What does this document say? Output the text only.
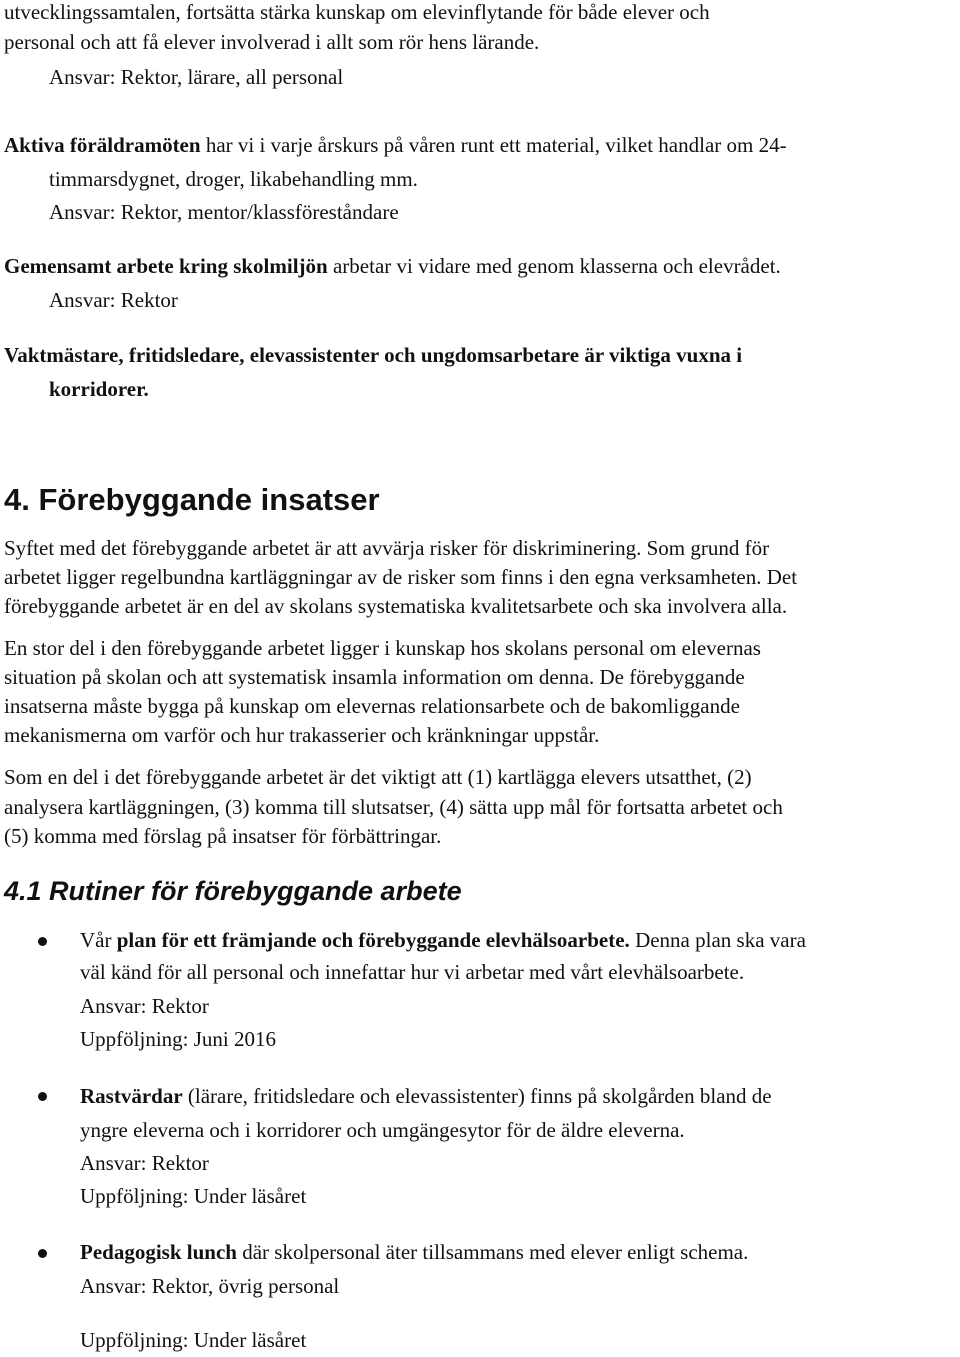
utvecklingssamtalen, fortsätta stärka kunskap om elevinflytande för både elever och
personal och att få elever involverad i allt som rör hens lärande.
Ansvar: Rektor, lärare, all personal
Aktiva föräldramöten har vi i varje årskurs på våren runt ett material, vilket handlar om 24-
timmarsdygnet, droger, likabehandling mm.
Ansvar: Rektor, mentor/klassföreståndare
Gemensamt arbete kring skolmiljön arbetar vi vidare med genom klasserna och elevrådet.
Ansvar: Rektor
Vaktmästare, fritidsledare, elevassistenter och ungdomsarbetare är viktiga vuxna i
korridorer.
4. Förebyggande insatser
Syftet med det förebyggande arbetet är att avvärja risker för diskriminering. Som grund för
arbetet ligger regelbundna kartläggningar av de risker som finns i den egna verksamheten. Det
förebyggande arbetet är en del av skolans systematiska kvalitetsarbete och ska involvera alla.
En stor del i den förebyggande arbetet ligger i kunskap hos skolans personal om elevernas
situation på skolan och att systematisk insamla information om denna. De förebyggande
insatserna måste bygga på kunskap om elevernas relationsarbete och de bakomliggande
mekanismerna om varför och hur trakasserier och kränkningar uppstår.
Som en del i det förebyggande arbetet är det viktigt att (1) kartlägga elevers utsatthet, (2)
analysera kartläggningen, (3) komma till slutsatser, (4) sätta upp mål för fortsatta arbetet och
(5) komma med förslag på insatser för förbättringar.
4.1 Rutiner för förebyggande arbete
Vår plan för ett främjande och förebyggande elevhälsoarbete. Denna plan ska vara
väl känd för all personal och innefattar hur vi arbetar med vårt elevhälsoarbete.
Ansvar: Rektor
Uppföljning: Juni 2016
Rastvärdar (lärare, fritidsledare och elevassistenter) finns på skolgården bland de
yngre eleverna och i korridorer och umgängesytor för de äldre eleverna.
Ansvar: Rektor
Uppföljning: Under läsåret
Pedagogisk lunch där skolpersonal äter tillsammans med elever enligt schema.
Ansvar: Rektor, övrig personal
Uppföljning: Under läsåret
